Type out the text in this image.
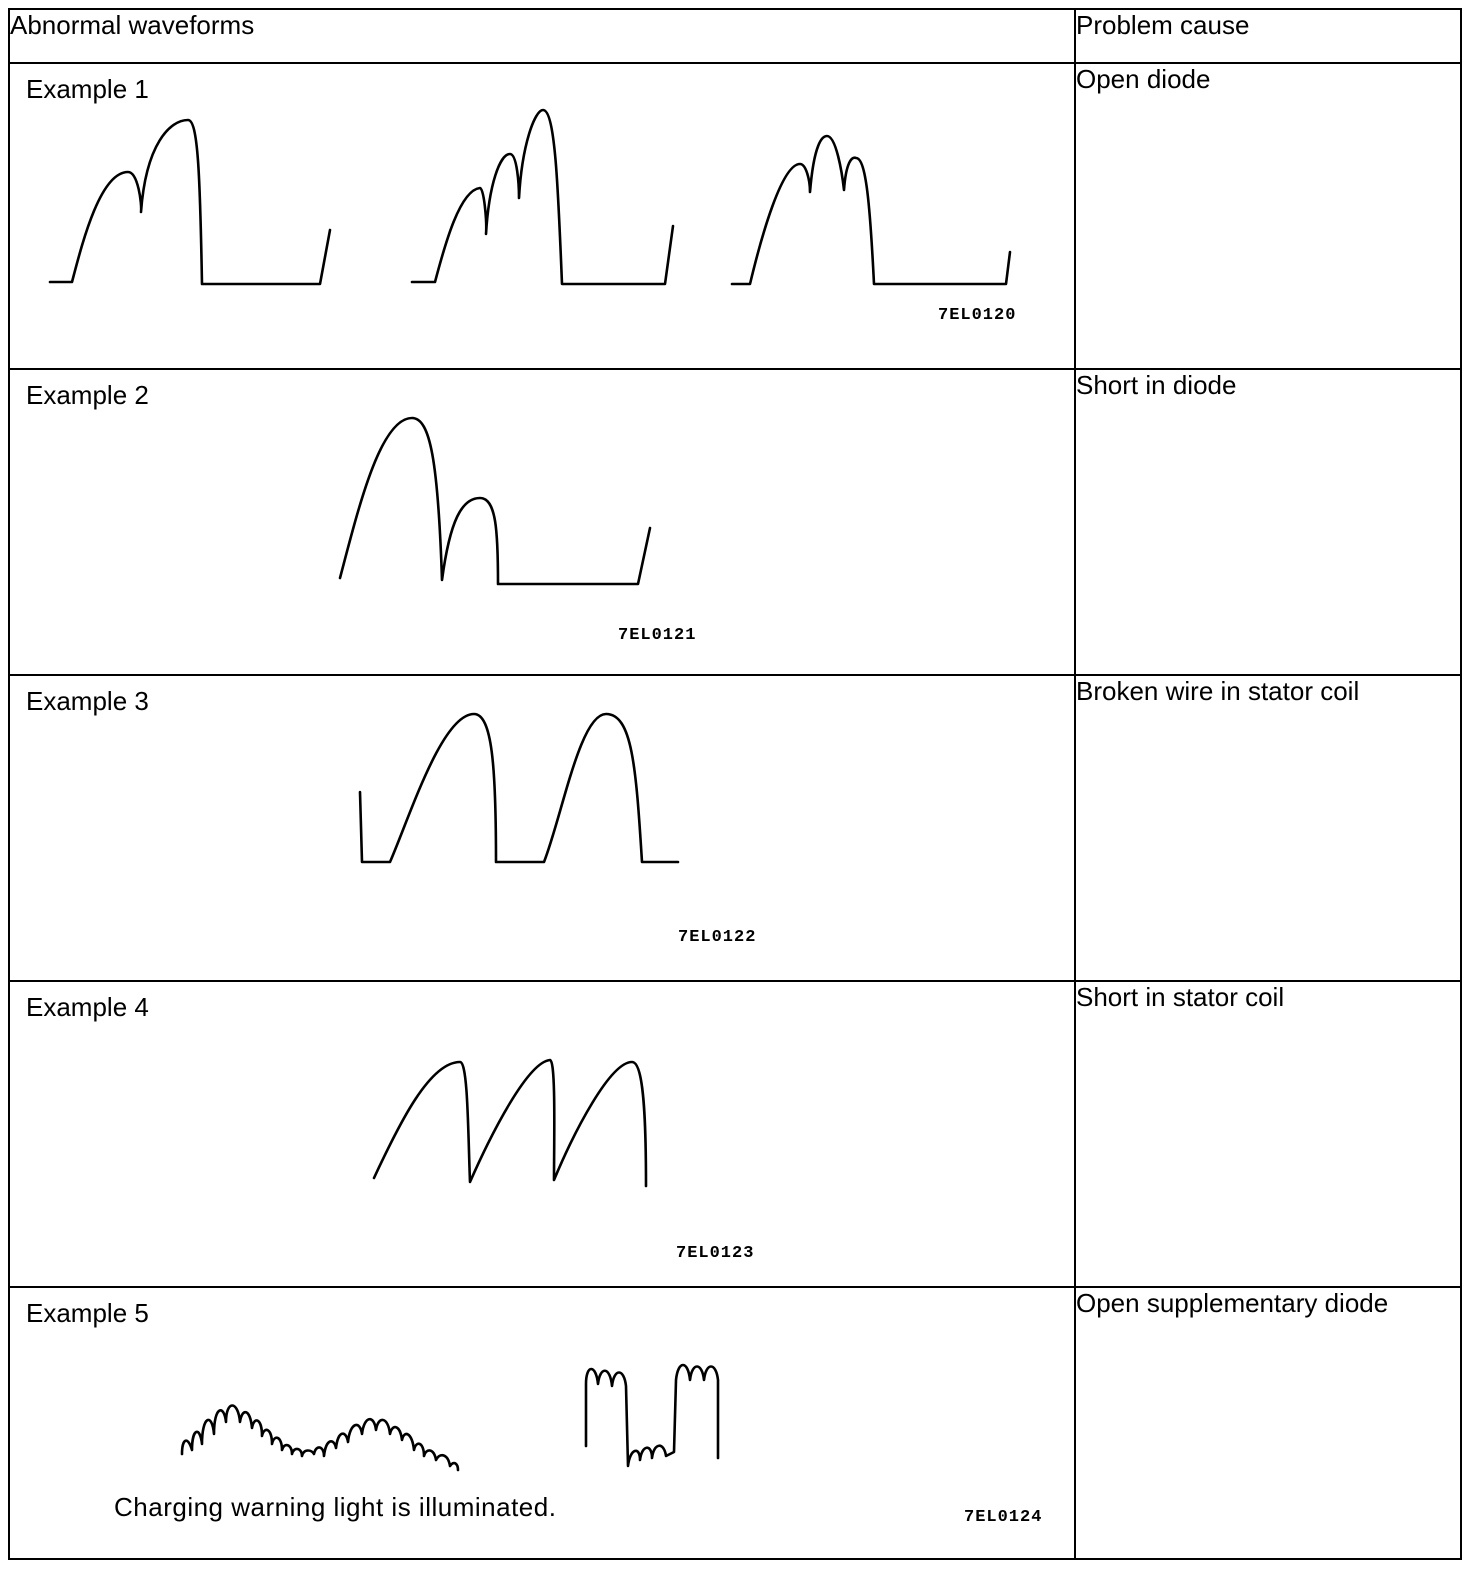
Abnormal waveforms	Problem cause

Example 1
7EL0120	Open diode

Example 2
7EL0121	Short in diode

Example 3
7EL0122	Broken wire in stator coil

Example 4
7EL0123	Short in stator coil

Example 5
Charging warning light is illuminated. 7EL0124	Open supplementary diode
